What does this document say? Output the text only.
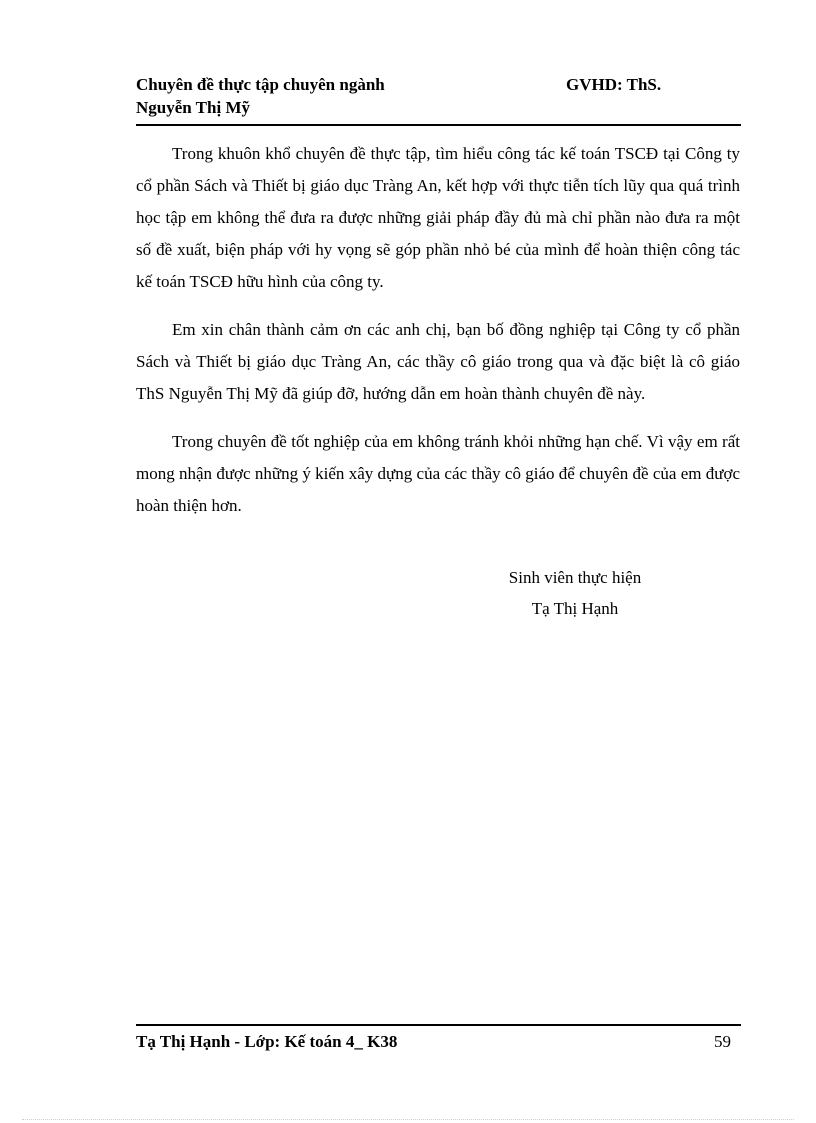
Chuyên đề thực tập chuyên ngành	GVHD: ThS.
Nguyễn Thị Mỹ

Trong khuôn khổ chuyên đề thực tập, tìm hiểu công tác kế toán TSCĐ tại Công ty cổ phần Sách và Thiết bị giáo dục Tràng An, kết hợp với thực tiễn tích lũy qua quá trình học tập em không thể đưa ra được những giải pháp đầy đủ mà chỉ phần nào đưa ra một số đề xuất, biện pháp với hy vọng sẽ góp phần nhỏ bé của mình để hoàn thiện công tác kế toán TSCĐ hữu hình của công ty.

Em xin chân thành cảm ơn các anh chị, bạn bố đồng nghiệp tại Công ty cổ phần Sách và Thiết bị giáo dục Tràng An, các thầy cô giáo trong qua và đặc biệt là cô giáo ThS Nguyễn Thị Mỹ đã giúp đỡ, hướng dẫn em hoàn thành chuyên đề này.

Trong chuyên đề tốt nghiệp của em không tránh khỏi những hạn chế. Vì vậy em rất mong nhận được những ý kiến xây dựng của các thầy cô giáo để chuyên đề của em được hoàn thiện hơn.

Sinh viên thực hiện
Tạ Thị Hạnh
Tạ Thị Hạnh - Lớp: Kế toán 4_ K38	59
